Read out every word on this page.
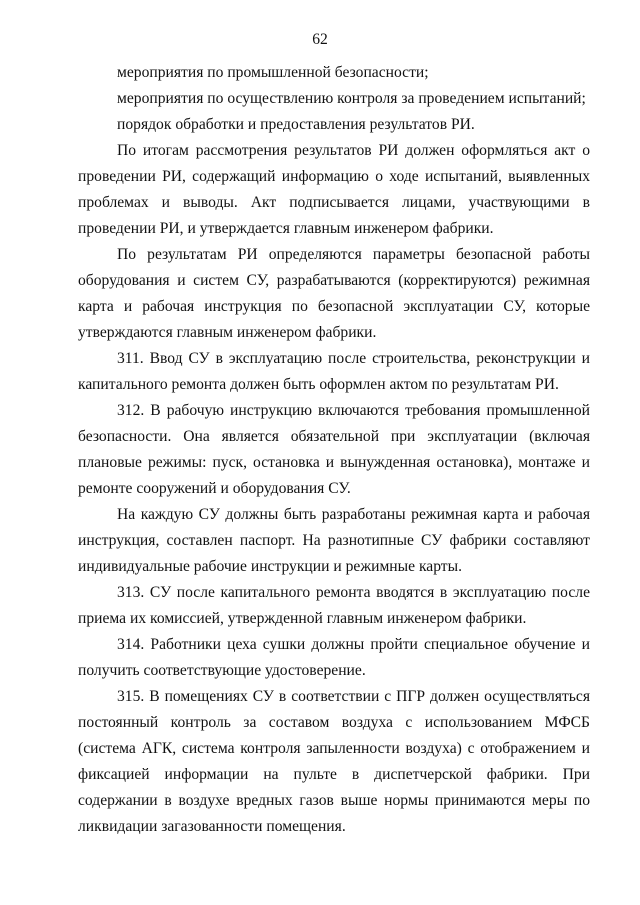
62

мероприятия по промышленной безопасности;

мероприятия по осуществлению контроля за проведением испытаний;

порядок обработки и предоставления результатов РИ.

По итогам рассмотрения результатов РИ должен оформляться акт о проведении РИ, содержащий информацию о ходе испытаний, выявленных проблемах и выводы. Акт подписывается лицами, участвующими в проведении РИ, и утверждается главным инженером фабрики.

По результатам РИ определяются параметры безопасной работы оборудования и систем СУ, разрабатываются (корректируются) режимная карта и рабочая инструкция по безопасной эксплуатации СУ, которые утверждаются главным инженером фабрики.

311. Ввод СУ в эксплуатацию после строительства, реконструкции и капитального ремонта должен быть оформлен актом по результатам РИ.

312. В рабочую инструкцию включаются требования промышленной безопасности. Она является обязательной при эксплуатации (включая плановые режимы: пуск, остановка и вынужденная остановка), монтаже и ремонте сооружений и оборудования СУ.

На каждую СУ должны быть разработаны режимная карта и рабочая инструкция, составлен паспорт. На разнотипные СУ фабрики составляют индивидуальные рабочие инструкции и режимные карты.

313. СУ после капитального ремонта вводятся в эксплуатацию после приема их комиссией, утвержденной главным инженером фабрики.

314. Работники цеха сушки должны пройти специальное обучение и получить соответствующие удостоверение.

315. В помещениях СУ в соответствии с ПГР должен осуществляться постоянный контроль за составом воздуха с использованием МФСБ (система АГК, система контроля запыленности воздуха) с отображением и фиксацией информации на пульте в диспетчерской фабрики. При содержании в воздухе вредных газов выше нормы принимаются меры по ликвидации загазованности помещения.
